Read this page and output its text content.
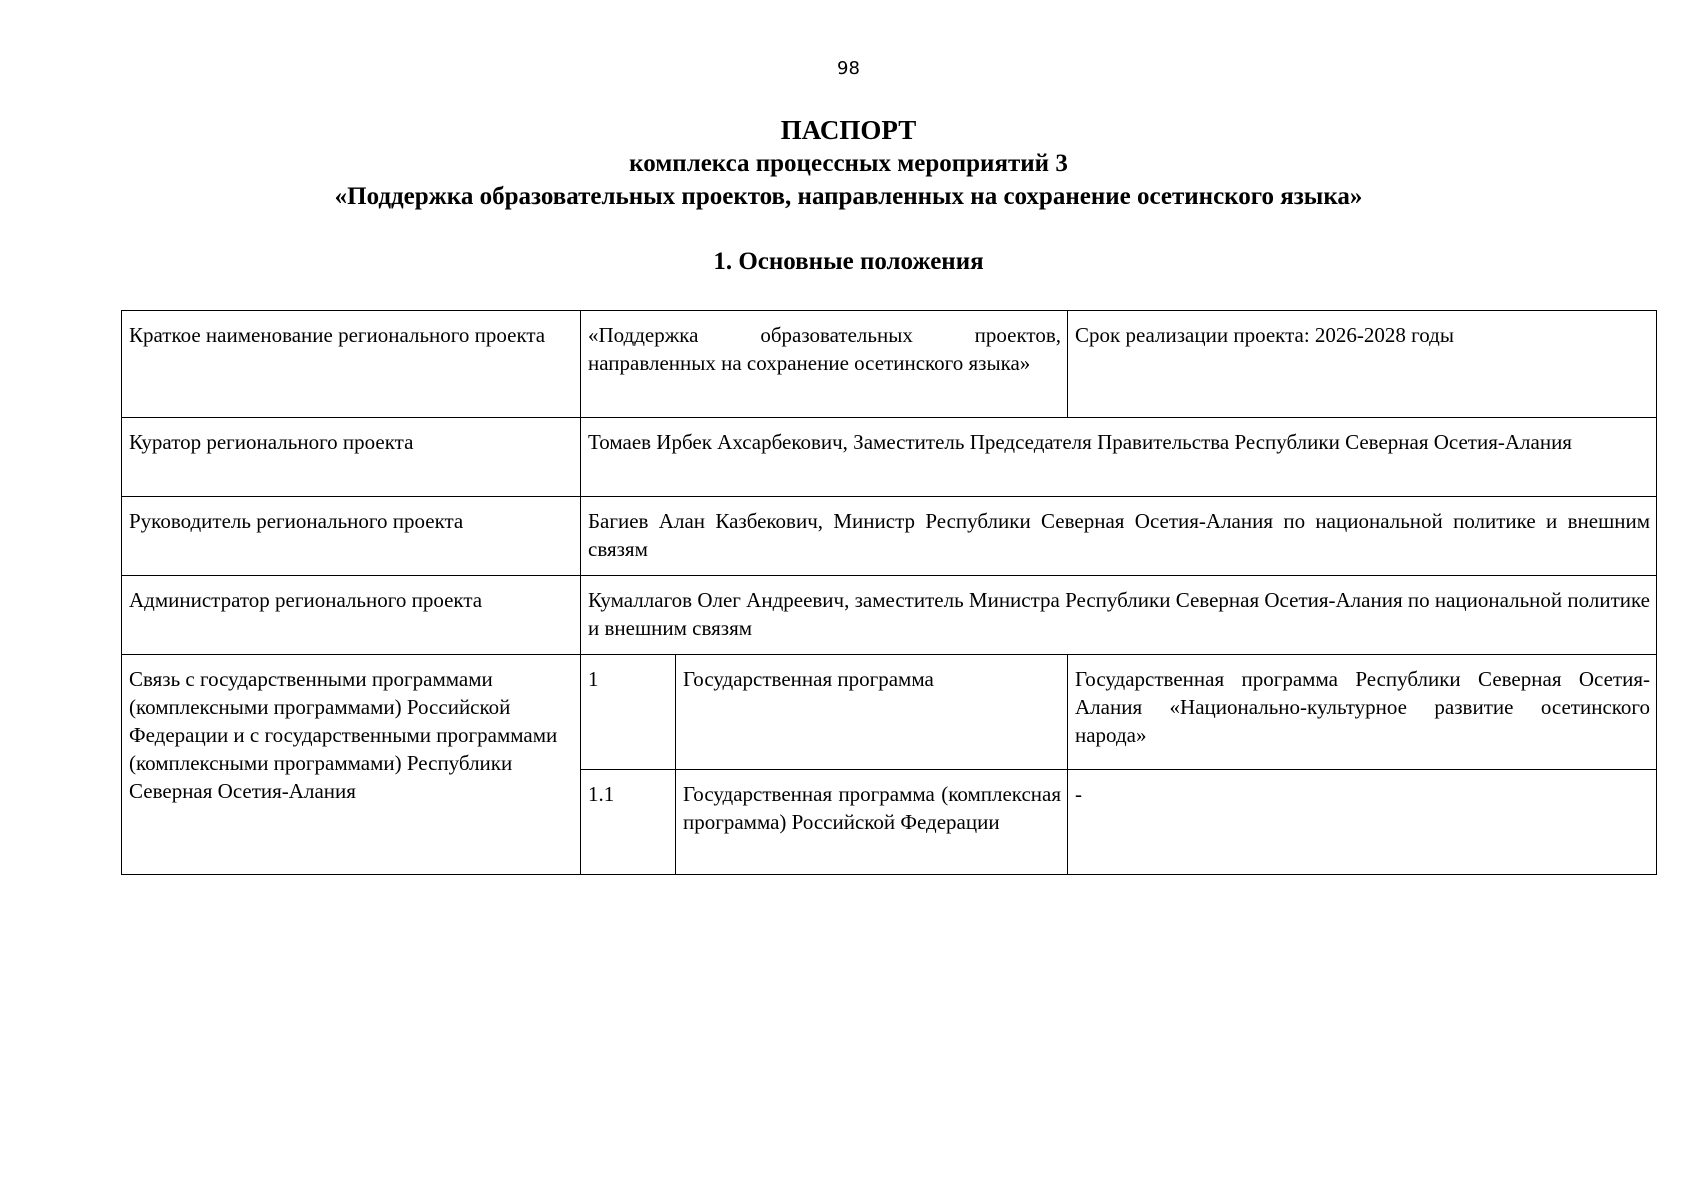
98
ПАСПОРТ
комплекса процессных мероприятий 3
«Поддержка образовательных проектов, направленных на сохранение осетинского языка»
1. Основные положения
Краткое наименование регионального проекта	«Поддержка образовательных проектов, направленных на сохранение осетинского языка»		Срок реализации проекта: 2026-2028 годы
Куратор регионального проекта	Томаев Ирбек Ахсарбекович, Заместитель Председателя Правительства Республики Северная Осетия-Алания		
Руководитель регионального проекта	Багиев Алан Казбекович, Министр Республики Северная Осетия-Алания по национальной политике и внешним связям		
Администратор регионального проекта	Кумаллагов Олег Андреевич, заместитель Министра Республики Северная Осетия-Алания по национальной политике и внешним связям		
Связь с государственными программами (комплексными программами) Российской Федерации и с государственными программами (комплексными программами) Республики Северная Осетия-Алания	1	Государственная программа	Государственная программа Республики Северная Осетия-Алания «Национально-культурное развитие осетинского народа»
	1.1	Государственная программа (комплексная программа) Российской Федерации	-
